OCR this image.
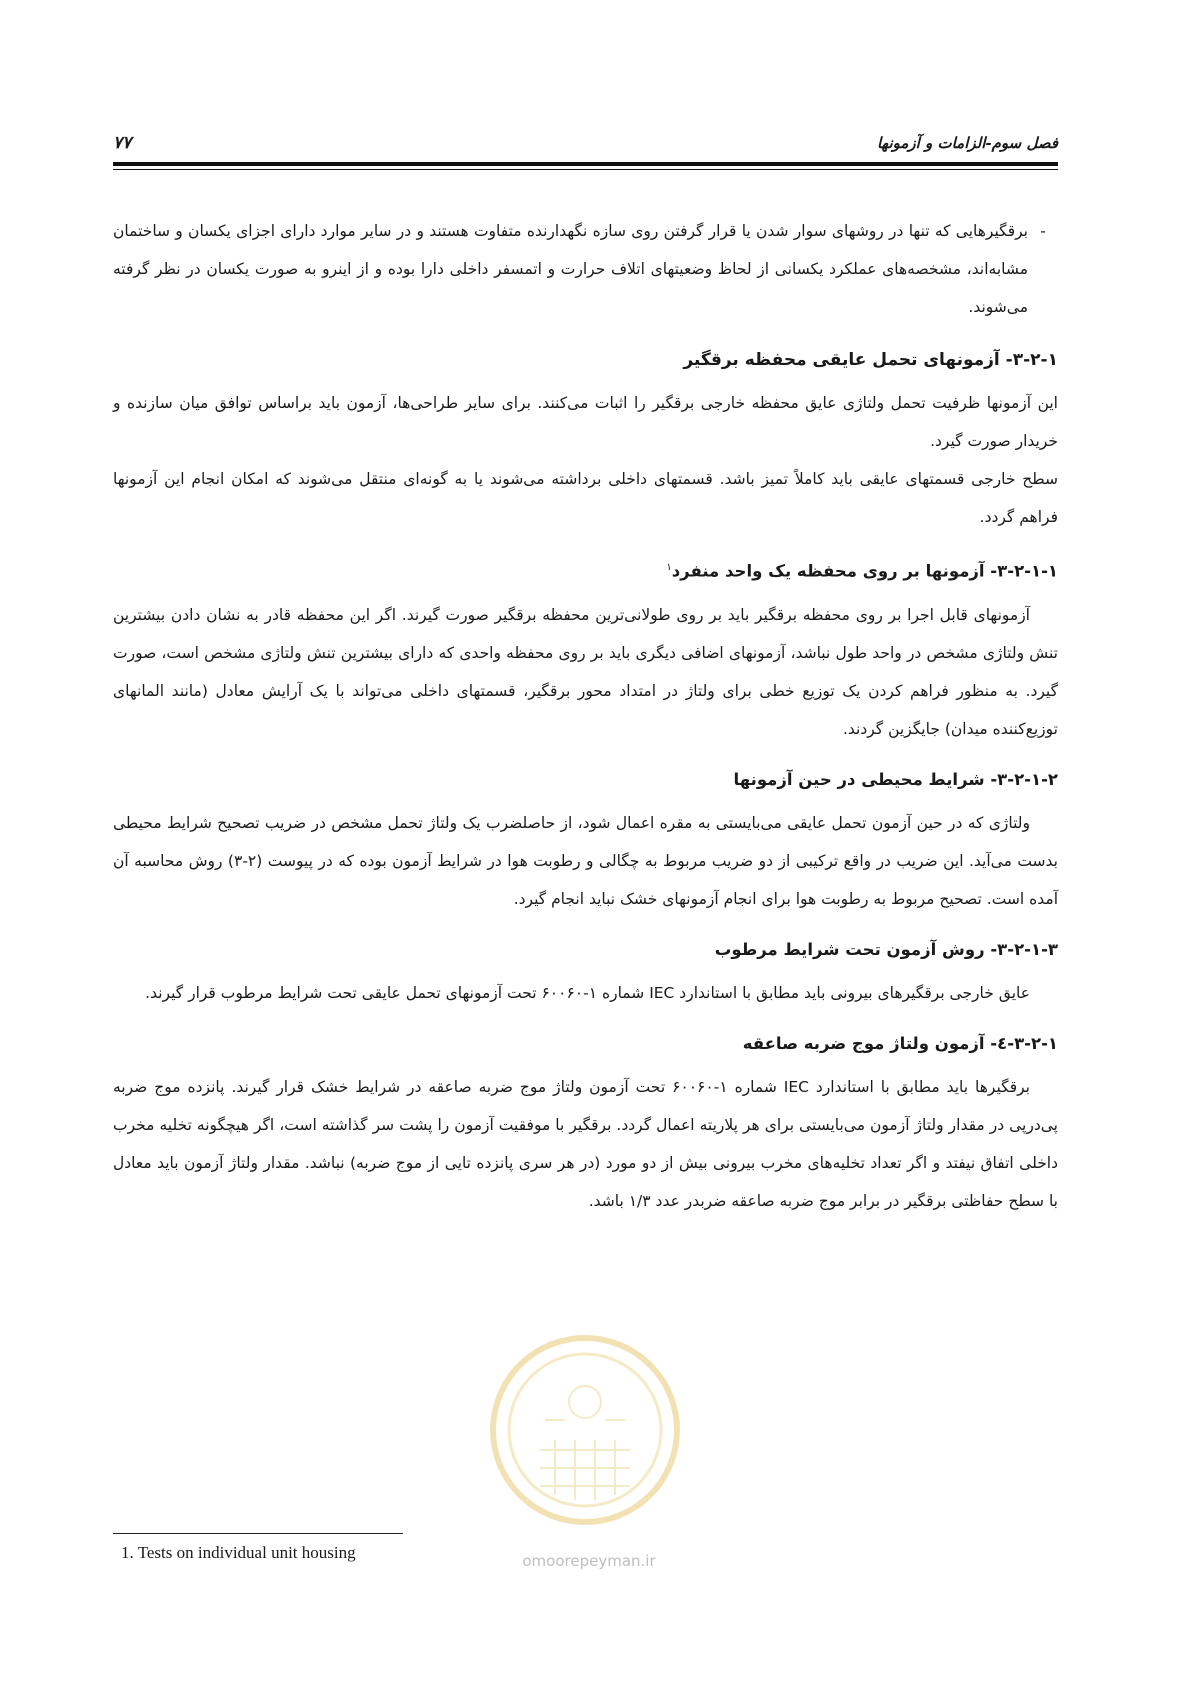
فصل سوم-الزامات و آزمونها
۷۷
-
برقگیرهایی که تنها در روشهای سوار شدن یا قرار گرفتن روی سازه نگهدارنده متفاوت هستند و در سایر موارد دارای اجزای یکسان و ساختمان مشابه‌اند، مشخصه‌های عملکرد یکسانی از لحاظ وضعیتهای اتلاف حرارت و اتمسفر داخلی دارا بوده و از اینرو به صورت یکسان در نظر گرفته می‌شوند.
۳-۲-۱- آزمونهای تحمل عایقی محفظه برقگیر

این آزمونها ظرفیت تحمل ولتاژی عایق محفظه خارجی برقگیر را اثبات می‌کنند. برای سایر طراحی‌ها، آزمون باید براساس توافق میان سازنده و خریدار صورت گیرد.

سطح خارجی قسمتهای عایقی باید کاملاً تمیز باشد. قسمتهای داخلی برداشته می‌شوند یا به گونه‌ای منتقل می‌شوند که امکان انجام این آزمونها فراهم گردد.

۳-۲-۱-۱- آزمونها بر روی محفظه یک واحد منفرد$^۱$

آزمونهای قابل اجرا بر روی محفظه برقگیر باید بر روی طولانی‌ترین محفظه برقگیر صورت گیرند. اگر این محفظه قادر به نشان دادن بیشترین تنش ولتاژی مشخص در واحد طول نباشد، آزمونهای اضافی دیگری باید بر روی محفظه واحدی که دارای بیشترین تنش ولتاژی مشخص است، صورت گیرد. به منظور فراهم کردن یک توزیع خطی برای ولتاژ در امتداد محور برقگیر، قسمتهای داخلی می‌تواند با یک آرایش معادل (مانند المانهای توزیع‌کننده میدان) جایگزین گردند.

۳-۲-۱-۲- شرایط محیطی در حین آزمونها

ولتاژی که در حین آزمون تحمل عایقی می‌بایستی به مقره اعمال شود، از حاصلضرب یک ولتاژ تحمل مشخص در ضریب تصحیح شرایط محیطی بدست می‌آید. این ضریب در واقع ترکیبی از دو ضریب مربوط به چگالی و رطوبت هوا در شرایط آزمون بوده که در پیوست (۲-۳) روش محاسبه آن آمده است. تصحیح مربوط به رطوبت هوا برای انجام آزمونهای خشک نباید انجام گیرد.

۳-۲-۱-۳- روش آزمون تحت شرایط مرطوب

عایق خارجی برقگیرهای بیرونی باید مطابق با استاندارد IEC شماره ۱-۶۰۰۶۰ تحت آزمونهای تحمل عایقی تحت شرایط مرطوب قرار گیرند.

۳-۲-۱-٤- آزمون ولتاژ موج ضربه صاعقه

برقگیرها باید مطابق با استاندارد IEC شماره ۱-۶۰۰۶۰ تحت آزمون ولتاژ موج ضربه صاعقه در شرایط خشک قرار گیرند. پانزده موج ضربه پی‌درپی در مقدار ولتاژ آزمون می‌بایستی برای هر پلاریته اعمال گردد. برقگیر با موفقیت آزمون را پشت سر گذاشته است، اگر هیچگونه تخلیه مخرب داخلی اتفاق نیفتد و اگر تعداد تخلیه‌های مخرب بیرونی بیش از دو مورد (در هر سری پانزده تایی از موج ضربه) نباشد. مقدار ولتاژ آزمون باید معادل با سطح حفاظتی برقگیر در برابر موج ضربه صاعقه ضربدر عدد ۱/۳ باشد.

omoorepeyman.ir
1. Tests on individual unit housing
